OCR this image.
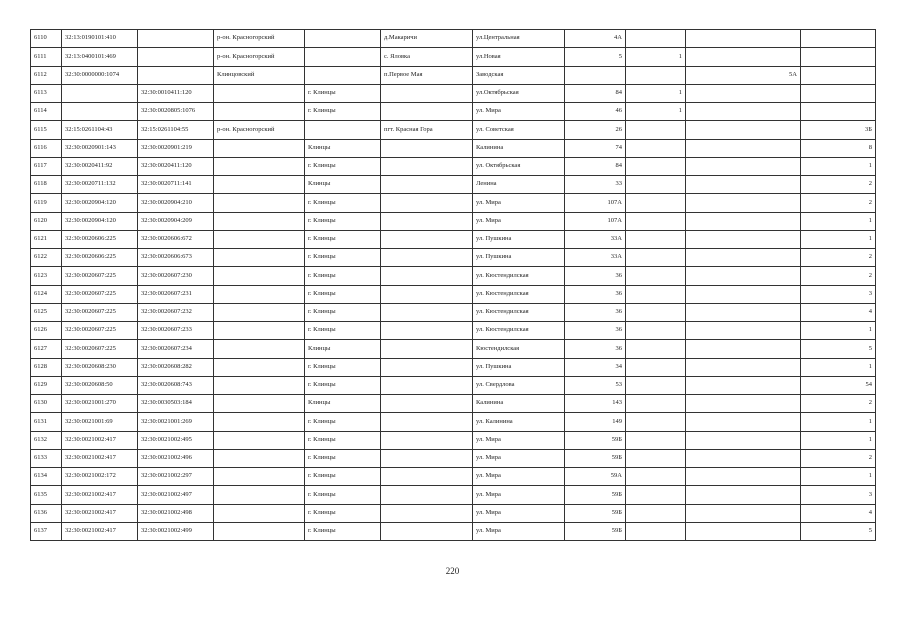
6110	32:13:0190101:410		р-он. Красногорский		д.Макаричи	ул.Центральная	4А			
6111	32:13:0400101:469		р-он. Красногорский		с. Яловка	ул.Новая	5	1		
6112	32:30:0000000:1074		Клинцовский		п.Первое Мая	Заводская			5А	
6113		32:30:0010411:120		г. Клинцы		ул.Октябрьская	84	1		
6114		32:30:0020805:1076		г. Клинцы		ул. Мира	46	1		
6115	32:15:0261104:43	32:15:0261104:55	р-он. Красногорский		пгт. Красная Гора	ул. Советская	26			3Б
6116	32:30:0020901:143	32:30:0020901:219		Клинцы		Калинина	74			8
6117	32:30:0020411:92	32:30:0020411:120		г. Клинцы		ул. Октябрьская	84			1
6118	32:30:0020711:132	32:30:0020711:141		Клинцы		Ленина	33			2
6119	32:30:0020904:120	32:30:0020904:210		г. Клинцы		ул. Мира	107А			2
6120	32:30:0020904:120	32:30:0020904:209		г. Клинцы		ул. Мира	107А			1
6121	32:30:0020606:225	32:30:0020606:672		г. Клинцы		ул. Пушкина	33А			1
6122	32:30:0020606:225	32:30:0020606:673		г. Клинцы		ул. Пушкина	33А			2
6123	32:30:0020607:225	32:30:0020607:230		г. Клинцы		ул. Кюстендилская	36			2
6124	32:30:0020607:225	32:30:0020607:231		г. Клинцы		ул. Кюстендилская	36			3
6125	32:30:0020607:225	32:30:0020607:232		г. Клинцы		ул. Кюстендилская	36			4
6126	32:30:0020607:225	32:30:0020607:233		г. Клинцы		ул. Кюстендилская	36			1
6127	32:30:0020607:225	32:30:0020607:234		Клинцы		Кюстендилская	36			5
6128	32:30:0020608:230	32:30:0020608:282		г. Клинцы		ул. Пушкина	34			1
6129	32:30:0020608:50	32:30:0020608:743		г. Клинцы		ул. Свердлова	53			54
6130	32:30:0021001:270	32:30:0030503:184		Клинцы		Калинина	143			2
6131	32:30:0021001:69	32:30:0021001:269		г. Клинцы		ул. Калинина	149			1
6132	32:30:0021002:417	32:30:0021002:495		г. Клинцы		ул. Мира	59Б			1
6133	32:30:0021002:417	32:30:0021002:496		г. Клинцы		ул. Мира	59Б			2
6134	32:30:0021002:172	32:30:0021002:297		г. Клинцы		ул. Мира	59А			1
6135	32:30:0021002:417	32:30:0021002:497		г. Клинцы		ул. Мира	59Б			3
6136	32:30:0021002:417	32:30:0021002:498		г. Клинцы		ул. Мира	59Б			4
6137	32:30:0021002:417	32:30:0021002:499		г. Клинцы		ул. Мира	59Б			5
220
